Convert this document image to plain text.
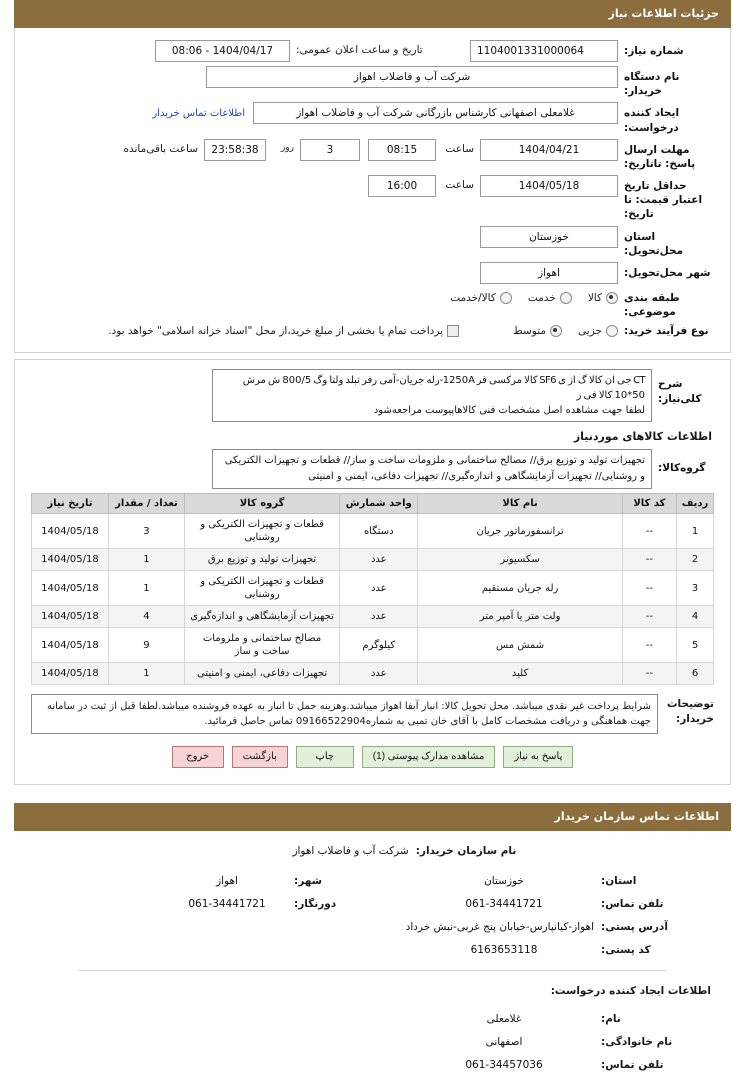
جزئیات اطلاعات نیاز
شماره نیاز:
1104001331000064
تاریخ و ساعت اعلان عمومی:
1404/04/17 - 08:06
نام دستگاه خریدار:
شرکت آب و فاضلاب اهواز
ایجاد کننده درخواست:
غلامعلی اصفهانی کارشناس بازرگانی شرکت آب و فاضلاب اهواز
اطلاعات تماس خریدار
مهلت ارسال پاسخ: تاتاریخ:
1404/04/21
ساعت
08:15
3
روز
23:58:38
ساعت باقی‌مانده
حداقل تاریخ اعتبار قیمت: تا تاریخ:
1404/05/18
ساعت
16:00
استان محل‌تحویل:
خوزستان
شهر محل‌تحویل:
اهواز
طبقه بندی موضوعی:
کالا
خدمت
کالا/خدمت
نوع فرآیند خرید:
جزیی
متوسط
پرداخت تمام یا بخشی از مبلغ خرید،از محل "اسناد خزانه اسلامی" خواهد بود.
شرح کلی‌نیاز:
CT جی ان کالا گ از ی SF6 کالا مرکسی فر 1250A-رله جریان-آمی رفر تبلد ولتا وگ 800/5 ش مرش 50*10 کالا فی ر
لطفا جهت مشاهده اصل مشخصات فنی کالاها‌پیوست مراجعه‌شود
اطلاعات کالاهای موردنیاز
گروه‌کالا:
تجهیزات تولید و توزیع برق// مصالح ساختمانی و ملزومات ساخت و ساز// قطعات و تجهیزات الکتریکی و روشنایی// تجهیزات آزمایشگاهی و اندازه‌گیری// تجهیزات دفاعی، ایمنی و امنیتی
ردیف	کد کالا	نام کالا	واحد شمارش	گروه کالا	تعداد / مقدار	تاریخ نیاز
1	--	ترانسفورماتور جریان	دستگاه	قطعات و تجهیزات الکتریکی و روشنایی	3	1404/05/18
2	--	سکسیونر	عدد	تجهیزات تولید و توزیع برق	1	1404/05/18
3	--	رله جریان مستقیم	عدد	قطعات و تجهیزات الکتریکی و روشنایی	1	1404/05/18
4	--	ولت متر یا آمپر متر	عدد	تجهیزات آزمایشگاهی و اندازه‌گیری	4	1404/05/18
5	--	شمش مس	کیلوگرم	مصالح ساختمانی و ملزومات ساخت و ساز	9	1404/05/18
6	--	کلید	عدد	تجهیزات دفاعی، ایمنی و امنیتی	1	1404/05/18
توضیحات
خریدار:
شرایط پرداخت غیر نقدی میباشد. محل تحویل کالا: انبار آبفا اهواز میباشد.وهزینه حمل تا انبار به عهده فروشنده میباشد.لطفا قبل از ثبت در سامانه جهت هماهنگی و دریافت مشخصات کامل با آقای خان تمبی به شماره09166522904 تماس حاصل فرمائید.
پاسخ به نیاز
مشاهده مدارک پیوستی (1)
چاپ
بازگشت
خروج
اطلاعات تماس سازمان خریدار
نام سازمان خریدار:
شرکت آب و فاضلاب اهواز
استان:
خوزستان
شهر:
اهواز
تلفن تماس:
061-34441721
دورنگار:
061-34441721
آدرس پستی:
اهواز-کیانپارس-خیابان پنج غربی-نبش خرداد
کد پستی:
6163653118
اطلاعات ایجاد کننده درخواست:
نام:
غلامعلی
نام خانوادگی:
اصفهانی
تلفن تماس:
061-34457036
